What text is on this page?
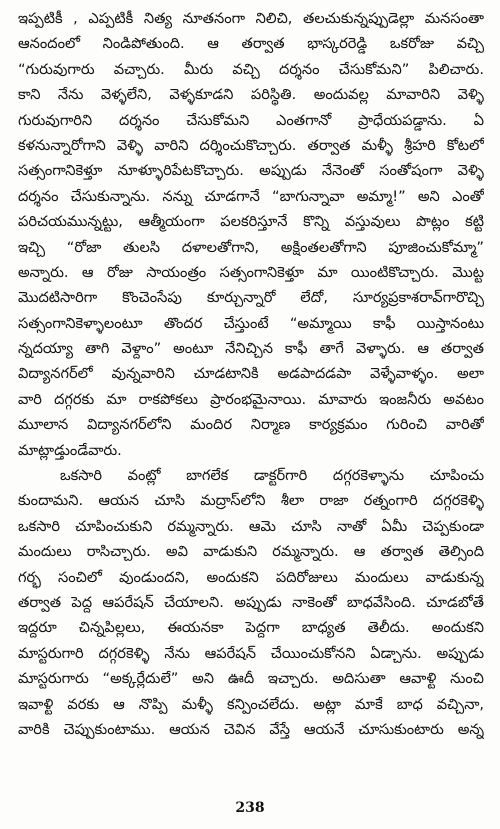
ఇప్పటికీ , ఎప్పటికీ నిత్య నూతనంగా నిలిచి, తలచుకున్నప్పుడెల్లా మనసంతా
ఆనందంలో నిండిపోతుంది. ఆ తర్వాత భాస్కరరెడ్డి ఒకరోజు వచ్చి
“గురువుగారు వచ్చారు. మీరు వచ్చి దర్శనం చేసుకోమని” పిలిచారు.
కాని నేను వెళ్ళలేని, వెళ్ళకూడని పరిస్థితి. అందువల్ల మావారిని వెళ్ళి
గురువుగారిని దర్శనం చేసుకోమని ఎంతగానో ప్రాధేయపడ్డాను. ఏ
కళనున్నారోగాని వెళ్ళి వారిని దర్శించుకొచ్చారు. తర్వాత మళ్ళీ శ్రీహరి కోటలో
సత్సంగానికెళ్తూ నూళ్ళూరిపేటకొచ్చారు. అప్పుడు నేనెంతో సంతోషంగా వెళ్ళి
దర్శనం చేసుకున్నాను. నన్ను చూడగానే “బాగున్నావా అమ్మా!” అని ఎంతో
పరిచయమున్నట్టు, ఆత్మీయంగా పలకరిస్తూనే కొన్ని వస్తువులు పొట్లం కట్టి
ఇచ్చి “రోజా తులసి దళాలతోగాని, అక్షింతలతోగాని పూజించుకోమ్మా”
అన్నారు. ఆ రోజు సాయంత్రం సత్సంగానికెళ్తూ మా యింటికొచ్చారు. మొట్ట
మొదటిసారిగా కొంచెంసేపు కూర్చున్నారో లేదో, సూర్యప్రకాశరావ్‌గారొచ్చి
సత్సంగానికెళ్ళాలంటూ తొందర చేస్తుంటే “అమ్మాయి కాఫీ యిస్తానంటు
న్నదయ్యా తాగి వెళ్దాం” అంటూ నేనిచ్చిన కాఫీ తాగే వెళ్ళారు. ఆ తర్వాత
విద్యానగర్‌లో వున్నవారిని చూడటానికి అడపాదడపా వెళ్ళేవాళ్ళం. అలా
వారి దగ్గరకు మా రాకపోకలు ప్రారంభమైనాయి. మావారు ఇంజనీరు అవటం
మూలాన విద్యానగర్‌లోని మందిర నిర్మాణ కార్యక్రమం గురించి వారితో
మాట్లాడ్తుండేవారు.
ఒకసారి వంట్లో బాగలేక డాక్టర్‌గారి దగ్గరకెళ్ళాను చూపించు
కుందామని. ఆయన చూసి మద్రాస్‌లోని శీలా రాజా రత్నంగారి దగ్గరకెళ్ళి
ఒకసారి చూపించుకుని రమ్మన్నారు. ఆమె చూసి నాతో ఏమీ చెప్పకుండా
మందులు రాసిచ్చారు. అవి వాడుకుని రమ్మన్నారు. ఆ తర్వాత తెల్సింది
గర్భ సంచిలో వుండుందని, అందుకని పదిరోజులు మందులు వాడుకున్న
తర్వాత పెద్ద ఆపరేషన్ చేయాలని. అప్పుడు నాకెంతో బాధవేసింది. చూడబోతే
ఇద్దరూ చిన్నపిల్లలు, ఈయనకా పెద్దగా బాధ్యత తెలీదు. అందుకని
మాస్టరుగారి దగ్గరకెళ్ళి నేను ఆపరేషన్ చేయించుకోనని ఏడ్చాను. అప్పుడు
మాస్టరుగారు “అక్కర్లేదులే” అని ఊదీ ఇచ్చారు. అదిసుతా ఆవాళ్టి నుంచి
ఇవాళ్టి వరకు ఆ నొప్పి మళ్ళీ కన్పించలేదు. అట్లా మాకే బాధ వచ్చినా,
వారికి చెప్పుకుంటాము. ఆయన చెవిన వేస్తే ఆయనే చూసుకుంటారు అన్న
238
